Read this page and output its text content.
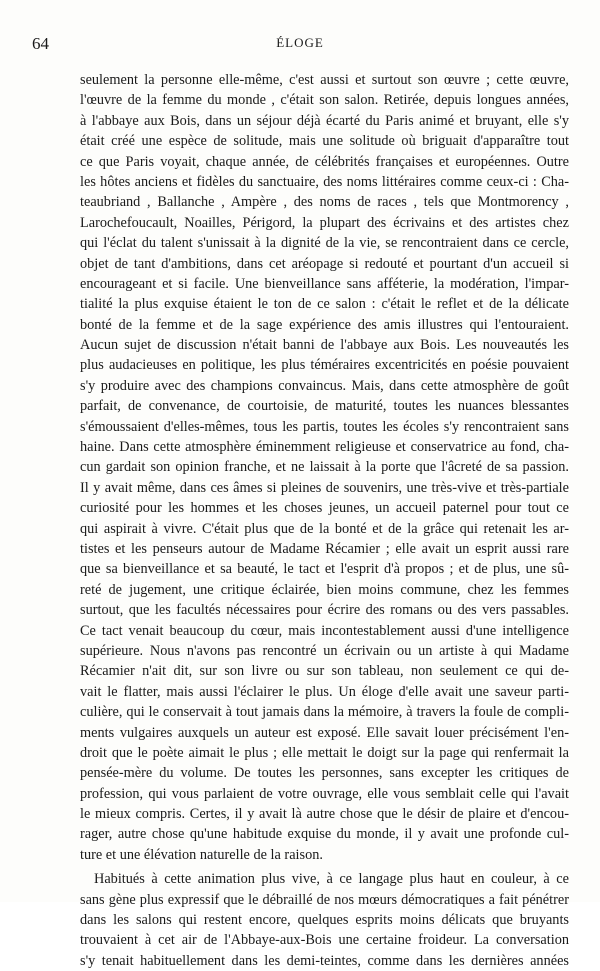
64	ÉLOGE
seulement la personne elle-même, c'est aussi et surtout son œuvre ; cette œuvre,
l'œuvre de la femme du monde , c'était son salon. Retirée, depuis longues années,
à l'abbaye aux Bois, dans un séjour déjà écarté du Paris animé et bruyant, elle s'y
était créé une espèce de solitude, mais une solitude où briguait d'apparaître tout
ce que Paris voyait, chaque année, de célébrités françaises et européennes. Outre
les hôtes anciens et fidèles du sanctuaire, des noms littéraires comme ceux-ci : Cha-
teaubriand , Ballanche , Ampère , des noms de races , tels que Montmorency ,
Larochefoucault, Noailles, Périgord, la plupart des écrivains et des artistes chez
qui l'éclat du talent s'unissait à la dignité de la vie, se rencontraient dans ce cercle,
objet de tant d'ambitions, dans cet aréopage si redouté et pourtant d'un accueil si
encourageant et si facile. Une bienveillance sans afféterie, la modération, l'impar-
tialité la plus exquise étaient le ton de ce salon : c'était le reflet et de la délicate
bonté de la femme et de la sage expérience des amis illustres qui l'entouraient.
Aucun sujet de discussion n'était banni de l'abbaye aux Bois. Les nouveautés les
plus audacieuses en politique, les plus téméraires excentricités en poésie pouvaient
s'y produire avec des champions convaincus. Mais, dans cette atmosphère de goût
parfait, de convenance, de courtoisie, de maturité, toutes les nuances blessantes
s'émoussaient d'elles-mêmes, tous les partis, toutes les écoles s'y rencontraient sans
haine. Dans cette atmosphère éminemment religieuse et conservatrice au fond, cha-
cun gardait son opinion franche, et ne laissait à la porte que l'âcreté de sa passion.
Il y avait même, dans ces âmes si pleines de souvenirs, une très-vive et très-partiale
curiosité pour les hommes et les choses jeunes, un accueil paternel pour tout ce
qui aspirait à vivre. C'était plus que de la bonté et de la grâce qui retenait les ar-
tistes et les penseurs autour de Madame Récamier ; elle avait un esprit aussi rare
que sa bienveillance et sa beauté, le tact et l'esprit d'à propos ; et de plus, une sû-
reté de jugement, une critique éclairée, bien moins commune, chez les femmes
surtout, que les facultés nécessaires pour écrire des romans ou des vers passables.
Ce tact venait beaucoup du cœur, mais incontestablement aussi d'une intelligence
supérieure. Nous n'avons pas rencontré un écrivain ou un artiste à qui Madame
Récamier n'ait dit, sur son livre ou sur son tableau, non seulement ce qui de-
vait le flatter, mais aussi l'éclairer le plus. Un éloge d'elle avait une saveur parti-
culière, qui le conservait à tout jamais dans la mémoire, à travers la foule de compli-
ments vulgaires auxquels un auteur est exposé. Elle savait louer précisément l'en-
droit que le poète aimait le plus ; elle mettait le doigt sur la page qui renfermait la
pensée-mère du volume. De toutes les personnes, sans excepter les critiques de
profession, qui vous parlaient de votre ouvrage, elle vous semblait celle qui l'avait
le mieux compris. Certes, il y avait là autre chose que le désir de plaire et d'encou-
rager, autre chose qu'une habitude exquise du monde, il y avait une profonde cul-
ture et une élévation naturelle de la raison.
Habitués à cette animation plus vive, à ce langage plus haut en couleur, à ce
sans gène plus expressif que le débraillé de nos mœurs démocratiques a fait pénétrer
dans les salons qui restent encore, quelques esprits moins délicats que bruyants
trouvaient à cet air de l'Abbaye-aux-Bois une certaine froideur. La conversation
s'y tenait habituellement dans les demi-teintes, comme dans les dernières années
